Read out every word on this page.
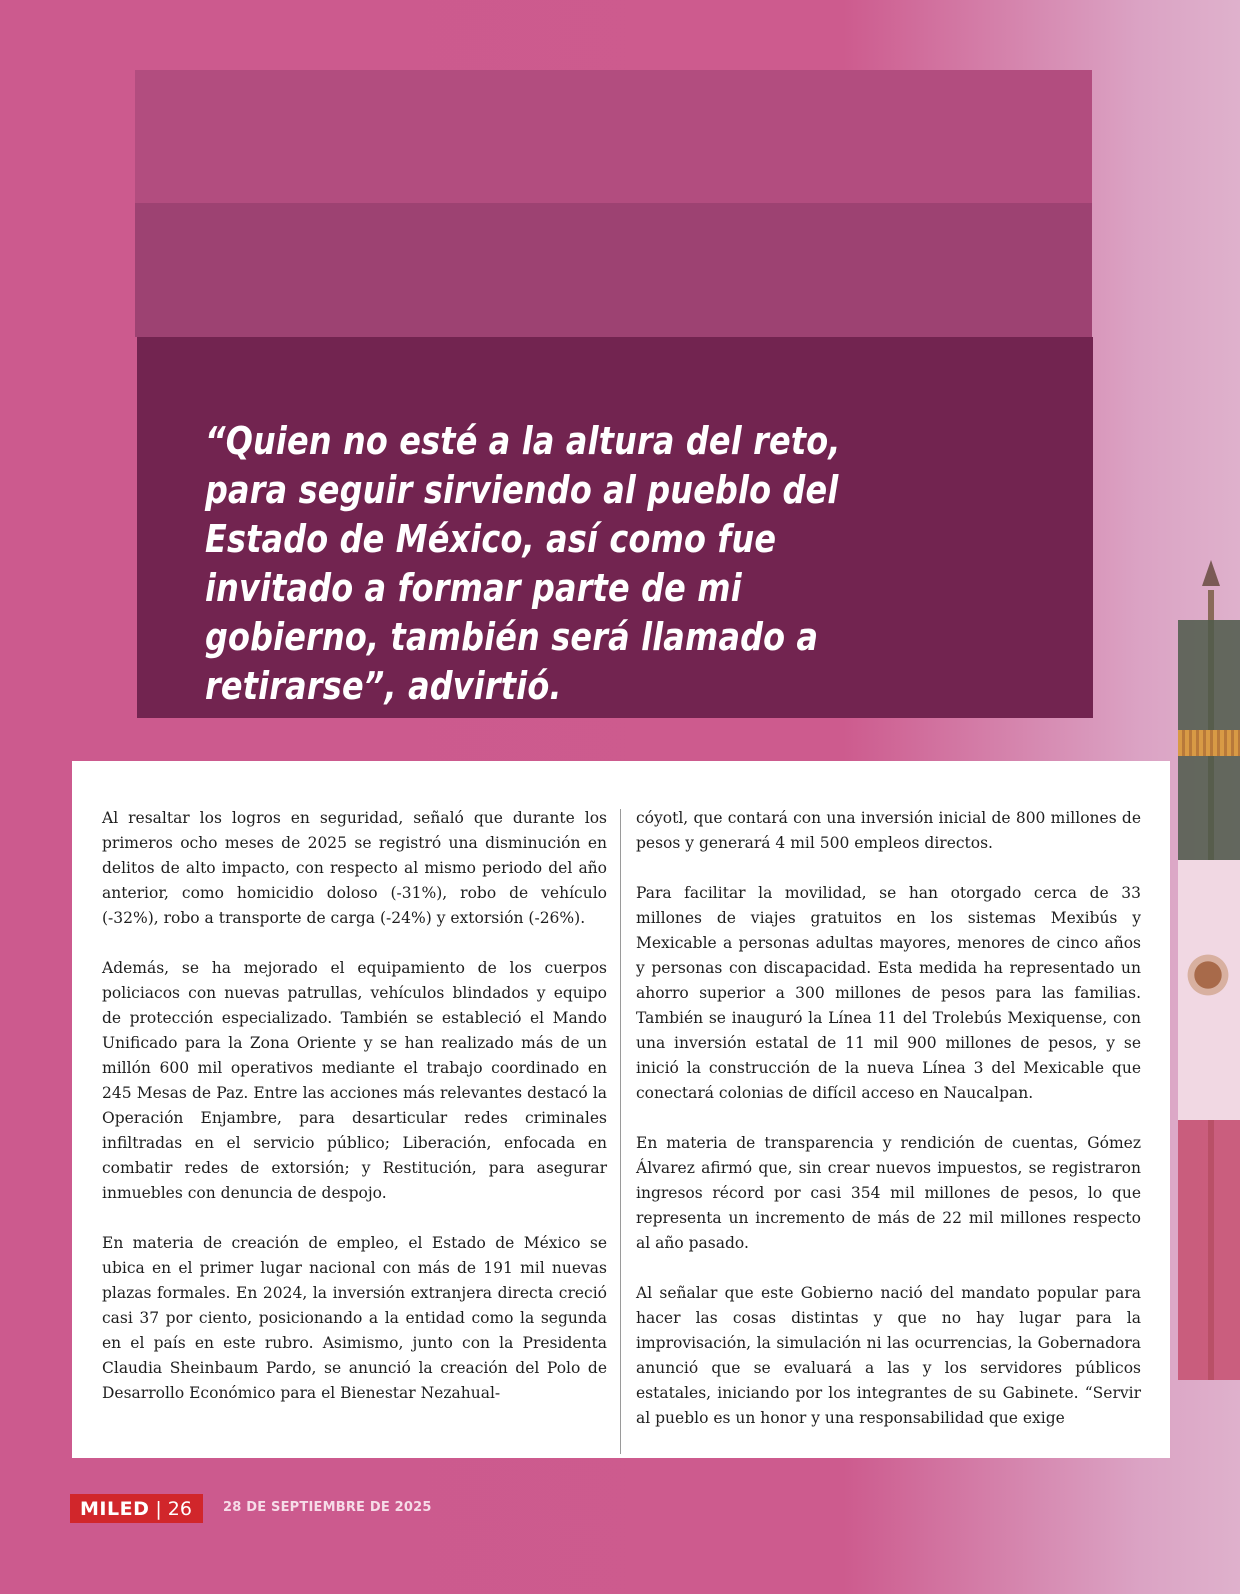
“Quien no esté a la altura del reto, para seguir sirviendo al pueblo del Estado de México, así como fue invitado a formar parte de mi gobierno, también será llamado a retirarse”, advirtió.

Al resaltar los logros en seguridad, señaló que durante los primeros ocho meses de 2025 se registró una disminución en delitos de alto impacto, con respecto al mismo periodo del año anterior, como homicidio doloso (-31%), robo de vehículo (-32%), robo a transporte de carga (-24%) y extorsión (-26%).

Además, se ha mejorado el equipamiento de los cuerpos policiacos con nuevas patrullas, vehículos blindados y equipo de protección especializado. También se estableció el Mando Unificado para la Zona Oriente y se han realizado más de un millón 600 mil operativos mediante el trabajo coordinado en 245 Mesas de Paz. Entre las acciones más relevantes destacó la Operación Enjambre, para desarticular redes criminales infiltradas en el servicio público; Liberación, enfocada en combatir redes de extorsión; y Restitución, para asegurar inmuebles con denuncia de despojo.

En materia de creación de empleo, el Estado de México se ubica en el primer lugar nacional con más de 191 mil nuevas plazas formales. En 2024, la inversión extranjera directa creció casi 37 por ciento, posicionando a la entidad como la segunda en el país en este rubro. Asimismo, junto con la Presidenta Claudia Sheinbaum Pardo, se anunció la creación del Polo de Desarrollo Económico para el Bienestar Nezahual-

cóyotl, que contará con una inversión inicial de 800 millones de pesos y generará 4 mil 500 empleos directos.

Para facilitar la movilidad, se han otorgado cerca de 33 millones de viajes gratuitos en los sistemas Mexibús y Mexicable a personas adultas mayores, menores de cinco años y personas con discapacidad. Esta medida ha representado un ahorro superior a 300 millones de pesos para las familias. También se inauguró la Línea 11 del Trolebús Mexiquense, con una inversión estatal de 11 mil 900 millones de pesos, y se inició la construcción de la nueva Línea 3 del Mexicable que conectará colonias de difícil acceso en Naucalpan.

En materia de transparencia y rendición de cuentas, Gómez Álvarez afirmó que, sin crear nuevos impuestos, se registraron ingresos récord por casi 354 mil millones de pesos, lo que representa un incremento de más de 22 mil millones respecto al año pasado.

Al señalar que este Gobierno nació del mandato popular para hacer las cosas distintas y que no hay lugar para la improvisación, la simulación ni las ocurrencias, la Gobernadora anunció que se evaluará a las y los servidores públicos estatales, iniciando por los integrantes de su Gabinete. “Servir al pueblo es un honor y una responsabilidad que exige

MILED | 26 28 DE SEPTIEMBRE DE 2025
